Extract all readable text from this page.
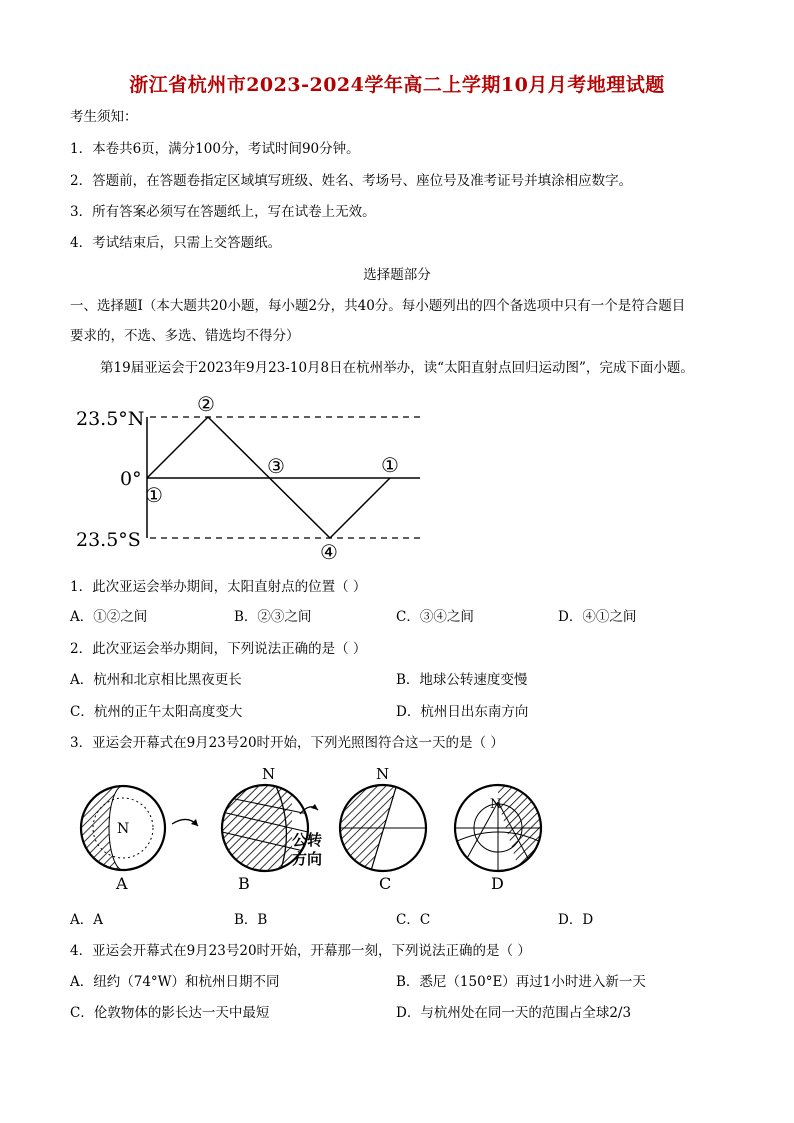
浙江省杭州市2023-2024学年高二上学期10月月考地理试题
考生须知：
1．本卷共6页，满分100分，考试时间90分钟。
2．答题前，在答题卷指定区域填写班级、姓名、考场号、座位号及准考证号并填涂相应数字。
3．所有答案必须写在答题纸上，写在试卷上无效。
4．考试结束后，只需上交答题纸。
选择题部分
一、选择题Ⅰ（本大题共20小题，每小题2分，共40分。每小题列出的四个备选项中只有一个是符合题目
要求的，不选、多选、错选均不得分）
第19届亚运会于2023年9月23-10月8日在杭州举办，读“太阳直射点回归运动图”，完成下面小题。
23.5°N
0°
23.5°S
①
②
③	①
④
1．此次亚运会举办期间，太阳直射点的位置（ ）
A．①②之间	B．②③之间	C．③④之间	D．④①之间
2．此次亚运会举办期间，下列说法正确的是（ ）
A．杭州和北京相比黑夜更长	B．地球公转速度变慢
C．杭州的正午太阳高度变大	D．杭州日出东南方向
3．亚运会开幕式在9月23号20时开始，下列光照图符合这一天的是（ ）
N
A
N
B
公转
方向
N
C
N
D
A．A	B．B	C．C	D．D
4．亚运会开幕式在9月23号20时开始，开幕那一刻，下列说法正确的是（ ）
A．纽约（74°W）和杭州日期不同	B．悉尼（150°E）再过1小时进入新一天
C．伦敦物体的影长达一天中最短	D．与杭州处在同一天的范围占全球2/3
